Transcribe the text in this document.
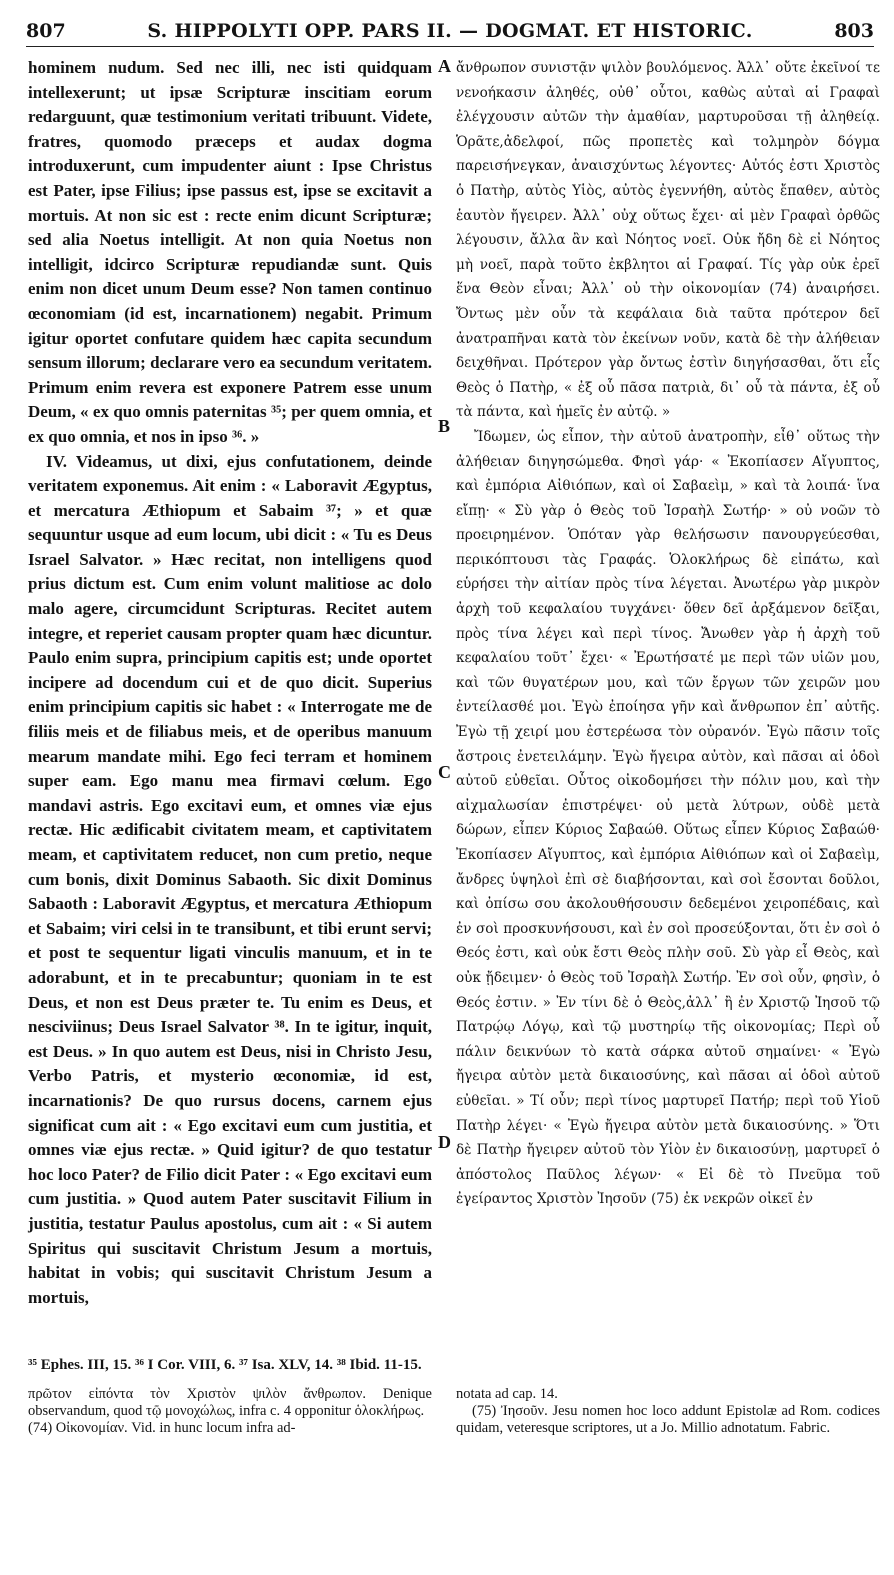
807	S. HIPPOLYTI OPP. PARS II. — DOGMAT. ET HISTORIC.	803

hominem nudum. Sed nec illi, nec isti quidquam intellexerunt; ut ipsæ Scripturæ inscitiam eorum redarguunt, quæ testimonium veritati tribuunt. Videte, fratres, quomodo præceps et audax dogma introduxerunt, cum impudenter aiunt : Ipse Christus est Pater, ipse Filius; ipse passus est, ipse se excitavit a mortuis. At non sic est : recte enim dicunt Scripturæ; sed alia Noetus intelligit. At non quia Noetus non intelligit, idcirco Scripturæ repudiandæ sunt. Quis enim non dicet unum Deum esse? Non tamen continuo œconomiam (id est, incarnationem) negabit. Primum igitur oportet confutare quidem hæc capita secundum sensum illorum; declarare vero ea secundum veritatem. Primum enim revera est exponere Patrem esse unum Deum, « ex quo omnis paternitas ³⁵; per quem omnia, et ex quo omnia, et nos in ipso ³⁶. »

IV. Videamus, ut dixi, ejus confutationem, deinde veritatem exponemus. Ait enim : « Laboravit Ægyptus, et mercatura Æthiopum et Sabaim ³⁷; » et quæ sequuntur usque ad eum locum, ubi dicit : « Tu es Deus Israel Salvator. » Hæc recitat, non intelligens quod prius dictum est. Cum enim volunt malitiose ac dolo malo agere, circumcidunt Scripturas. Recitet autem integre, et reperiet causam propter quam hæc dicuntur. Paulo enim supra, principium capitis est; unde oportet incipere ad docendum cui et de quo dicit. Superius enim principium capitis sic habet : « Interrogate me de filiis meis et de filiabus meis, et de operibus manuum mearum mandate mihi. Ego feci terram et hominem super eam. Ego manu mea firmavi cœlum. Ego mandavi astris. Ego excitavi eum, et omnes viæ ejus rectæ. Hic ædificabit civitatem meam, et captivitatem meam, et captivitatem reducet, non cum pretio, neque cum bonis, dixit Dominus Sabaoth. Sic dixit Dominus Sabaoth : Laboravit Ægyptus, et mercatura Æthiopum et Sabaim; viri celsi in te transibunt, et tibi erunt servi; et post te sequentur ligati vinculis manuum, et in te adorabunt, et in te precabuntur; quoniam in te est Deus, et non est Deus præter te. Tu enim es Deus, et nesciviinus; Deus Israel Salvator ³⁸. In te igitur, inquit, est Deus. » In quo autem est Deus, nisi in Christo Jesu, Verbo Patris, et mysterio œconomiæ, id est, incarnationis? De quo rursus docens, carnem ejus significat cum ait : « Ego excitavi eum cum justitia, et omnes viæ ejus rectæ. » Quid igitur? de quo testatur hoc loco Pater? de Filio dicit Pater : « Ego excitavi eum cum justitia. » Quod autem Pater suscitavit Filium in justitia, testatur Paulus apostolus, cum ait : « Si autem Spiritus qui suscitavit Christum Jesum a mortuis, habitat in vobis; qui suscitavit Christum Jesum a mortuis,

A
B
C
D

ἄνθρωπον συνιστᾷν ψιλὸν βουλόμενος. Ἀλλ᾽ οὔτε ἐκεῖνοί τε νενοήκασιν ἀληθές, οὐθ᾽ οὗτοι, καθὼς αὐταὶ αἱ Γραφαὶ ἐλέγχουσιν αὐτῶν τὴν ἀμαθίαν, μαρτυροῦσαι τῇ ἀληθείᾳ. Ὁρᾶτε,ἀδελφοί, πῶς προπετὲς καὶ τολμηρὸν δόγμα παρεισήνεγκαν, ἀναισχύντως λέγοντες· Αὐτός ἐστι Χριστὸς ὁ Πατὴρ, αὐτὸς Υἱὸς, αὐτὸς ἐγεννήθη, αὐτὸς ἔπαθεν, αὐτὸς ἑαυτὸν ἤγειρεν. Ἀλλ᾽ οὐχ οὕτως ἔχει· αἱ μὲν Γραφαὶ ὀρθῶς λέγουσιν, ἄλλα ἂν καὶ Νόητος νοεῖ. Οὐκ ἤδη δὲ εἰ Νόητος μὴ νοεῖ, παρὰ τοῦτο ἐκβλητοι αἱ Γραφαί. Τίς γὰρ οὐκ ἐρεῖ ἕνα Θεὸν εἶναι; Ἀλλ᾽ οὐ τὴν οἰκονομίαν (74) ἀναιρήσει. Ὄντως μὲν οὖν τὰ κεφάλαια διὰ ταῦτα πρότερον δεῖ ἀνατραπῆναι κατὰ τὸν ἐκείνων νοῦν, κατὰ δὲ τὴν ἀλήθειαν δειχθῆναι. Πρότερον γὰρ ὄντως ἐστὶν διηγήσασθαι, ὅτι εἷς Θεὸς ὁ Πατὴρ, « ἐξ οὗ πᾶσα πατριὰ, δι᾽ οὗ τὰ πάντα, ἐξ οὗ τὰ πάντα, καὶ ἡμεῖς ἐν αὐτῷ. »

Ἴδωμεν, ὡς εἶπον, τὴν αὐτοῦ ἀνατροπὴν, εἶθ᾽ οὕτως τὴν ἀλήθειαν διηγησώμεθα. Φησὶ γάρ· « Ἐκοπίασεν Αἴγυπτος, καὶ ἐμπόρια Αἰθιόπων, καὶ οἱ Σαβαεὶμ, » καὶ τὰ λοιπά· ἵνα εἴπῃ· « Σὺ γὰρ ὁ Θεὸς τοῦ Ἰσραὴλ Σωτήρ· » οὐ νοῶν τὸ προειρημένον. Ὁπόταν γὰρ θελήσωσιν πανουργεύεσθαι, περικόπτουσι τὰς Γραφάς. Ὁλοκλήρως δὲ εἰπάτω, καὶ εὑρήσει τὴν αἰτίαν πρὸς τίνα λέγεται. Ἀνωτέρω γὰρ μικρὸν ἀρχὴ τοῦ κεφαλαίου τυγχάνει· ὅθεν δεῖ ἀρξάμενον δεῖξαι, πρὸς τίνα λέγει καὶ περὶ τίνος. Ἄνωθεν γὰρ ἡ ἀρχὴ τοῦ κεφαλαίου τοῦτ᾽ ἔχει· « Ἐρωτήσατέ με περὶ τῶν υἱῶν μου, καὶ τῶν θυγατέρων μου, καὶ τῶν ἔργων τῶν χειρῶν μου ἐντείλασθέ μοι. Ἐγὼ ἐποίησα γῆν καὶ ἄνθρωπον ἐπ᾽ αὐτῆς. Ἐγὼ τῇ χειρί μου ἐστερέωσα τὸν οὐρανόν. Ἐγὼ πᾶσιν τοῖς ἄστροις ἐνετειλάμην. Ἐγὼ ἤγειρα αὐτὸν, καὶ πᾶσαι αἱ ὁδοὶ αὐτοῦ εὐθεῖαι. Οὗτος οἰκοδομήσει τὴν πόλιν μου, καὶ τὴν αἰχμαλωσίαν ἐπιστρέψει· οὐ μετὰ λύτρων, οὐδὲ μετὰ δώρων, εἶπεν Κύριος Σαβαώθ. Οὕτως εἶπεν Κύριος Σαβαώθ· Ἐκοπίασεν Αἴγυπτος, καὶ ἐμπόρια Αἰθιόπων καὶ οἱ Σαβαεὶμ, ἄνδρες ὑψηλοὶ ἐπὶ σὲ διαβήσονται, καὶ σοὶ ἔσονται δοῦλοι, καὶ ὀπίσω σου ἀκολουθήσουσιν δεδεμένοι χειροπέδαις, καὶ ἐν σοὶ προσκυνήσουσι, καὶ ἐν σοὶ προσεύξονται, ὅτι ἐν σοὶ ὁ Θεός ἐστι, καὶ οὐκ ἔστι Θεὸς πλὴν σοῦ. Σὺ γὰρ εἶ Θεὸς, καὶ οὐκ ᾔδειμεν· ὁ Θεὸς τοῦ Ἰσραὴλ Σωτήρ. Ἐν σοὶ οὖν, φησὶν, ὁ Θεός ἐστιν. » Ἐν τίνι δὲ ὁ Θεὸς,ἀλλ᾽ ἢ ἐν Χριστῷ Ἰησοῦ τῷ Πατρῴῳ Λόγῳ, καὶ τῷ μυστηρίῳ τῆς οἰκονομίας; Περὶ οὗ πάλιν δεικνύων τὸ κατὰ σάρκα αὐτοῦ σημαίνει· « Ἐγὼ ἤγειρα αὐτὸν μετὰ δικαιοσύνης, καὶ πᾶσαι αἱ ὁδοὶ αὐτοῦ εὐθεῖαι. » Τί οὖν; περὶ τίνος μαρτυρεῖ Πατήρ; περὶ τοῦ Υἱοῦ Πατὴρ λέγει· « Ἐγὼ ἤγειρα αὐτὸν μετὰ δικαιοσύνης. » Ὅτι δὲ Πατὴρ ἤγειρεν αὐτοῦ τὸν Υἱὸν ἐν δικαιοσύνῃ, μαρτυρεῖ ὁ ἀπόστολος Παῦλος λέγων· « Εἰ δὲ τὸ Πνεῦμα τοῦ ἐγείραντος Χριστὸν Ἰησοῦν (75) ἐκ νεκρῶν οἰκεῖ ἐν

³⁵ Ephes. III, 15. ³⁶ I Cor. VIII, 6. ³⁷ Isa. XLV, 14. ³⁸ Ibid. 11-15.

πρῶτον εἰπόντα τὸν Χριστὸν ψιλὸν ἄνθρωπον. Denique observandum, quod τῷ μονοχώλως, infra c. 4 opponitur ὁλοκλήρως.

(74) Οἰκονομίαν. Vid. in hunc locum infra ad-

notata ad cap. 14.

(75) Ἰησοῦν. Jesu nomen hoc loco addunt Epistolæ ad Rom. codices quidam, veteresque scriptores, ut a Jo. Millio adnotatum. Fabric.
